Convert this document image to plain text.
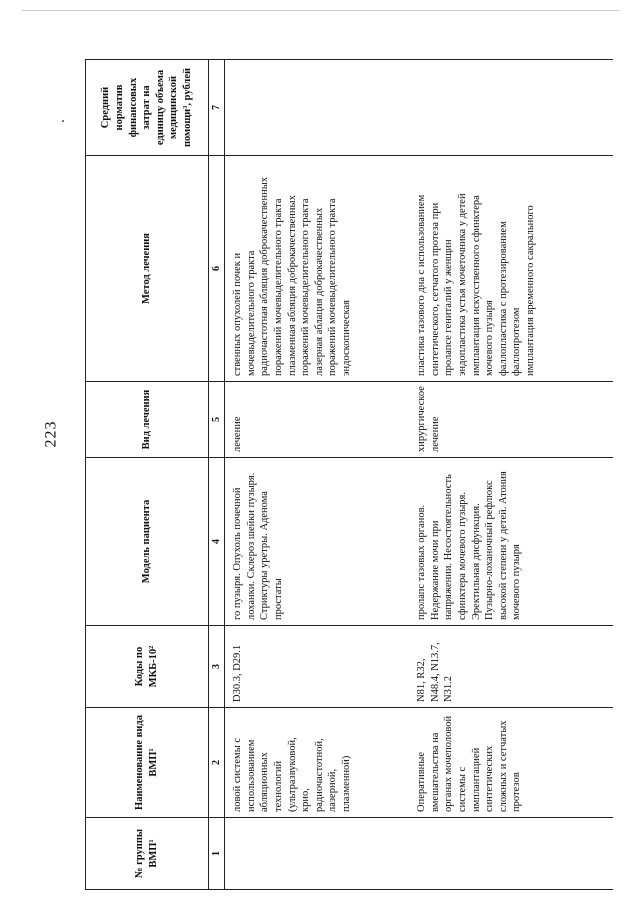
223
№ группы ВМП¹	Наименование вида ВМП¹	Коды по МКБ-10²	Модель пациента	Вид лечения	Метод лечения	Средний норматив финансовых затрат на единицу объема медицинской помощи³, рублей
1	2	3	4	5	6	7
	ловой системы с использованием абляционных технологий (ультразвуковой, крио, радиочастотной, лазерной, плазменной)	D30.3, D29.1	го пузыря. Опухоль почечной лоханки. Склероз шейки пузыря. Стриктуры уретры. Аденома простаты	лечение	ственных опухолей почек и мочевыделительного тракта радиочастотная абляция доброкачественных поражений мочевыделительного тракта плазменная абляция доброкачественных поражений мочевыделительного тракта лазерная аблация доброкачественных поражений мочевыделительного тракта эндоскопическая	

	Оперативные вмешательства на органах мочеполовой системы с имплантацией синтетических сложных и сетчатых протезов	N81, R32, N48.4, N13.7, N31.2	пролапс тазовых органов. Недержание мочи при напряжении. Несостоятельность сфинктера мочевого пузыря. Эректильная дисфункция. Пузырно-лоханочный рефлюкс высокой степени у детей. Атония мочевого пузыря	хирургическое лечение	пластика тазового дна с использованием синтетического, сетчатого протеза при пролапсе гениталий у женщин эндопластика устья мочеточника у детей имплантация искусственного сфинктера мочевого пузыря фаллопластика с протезированием фаллопротезом имплантация временного сакрального	
